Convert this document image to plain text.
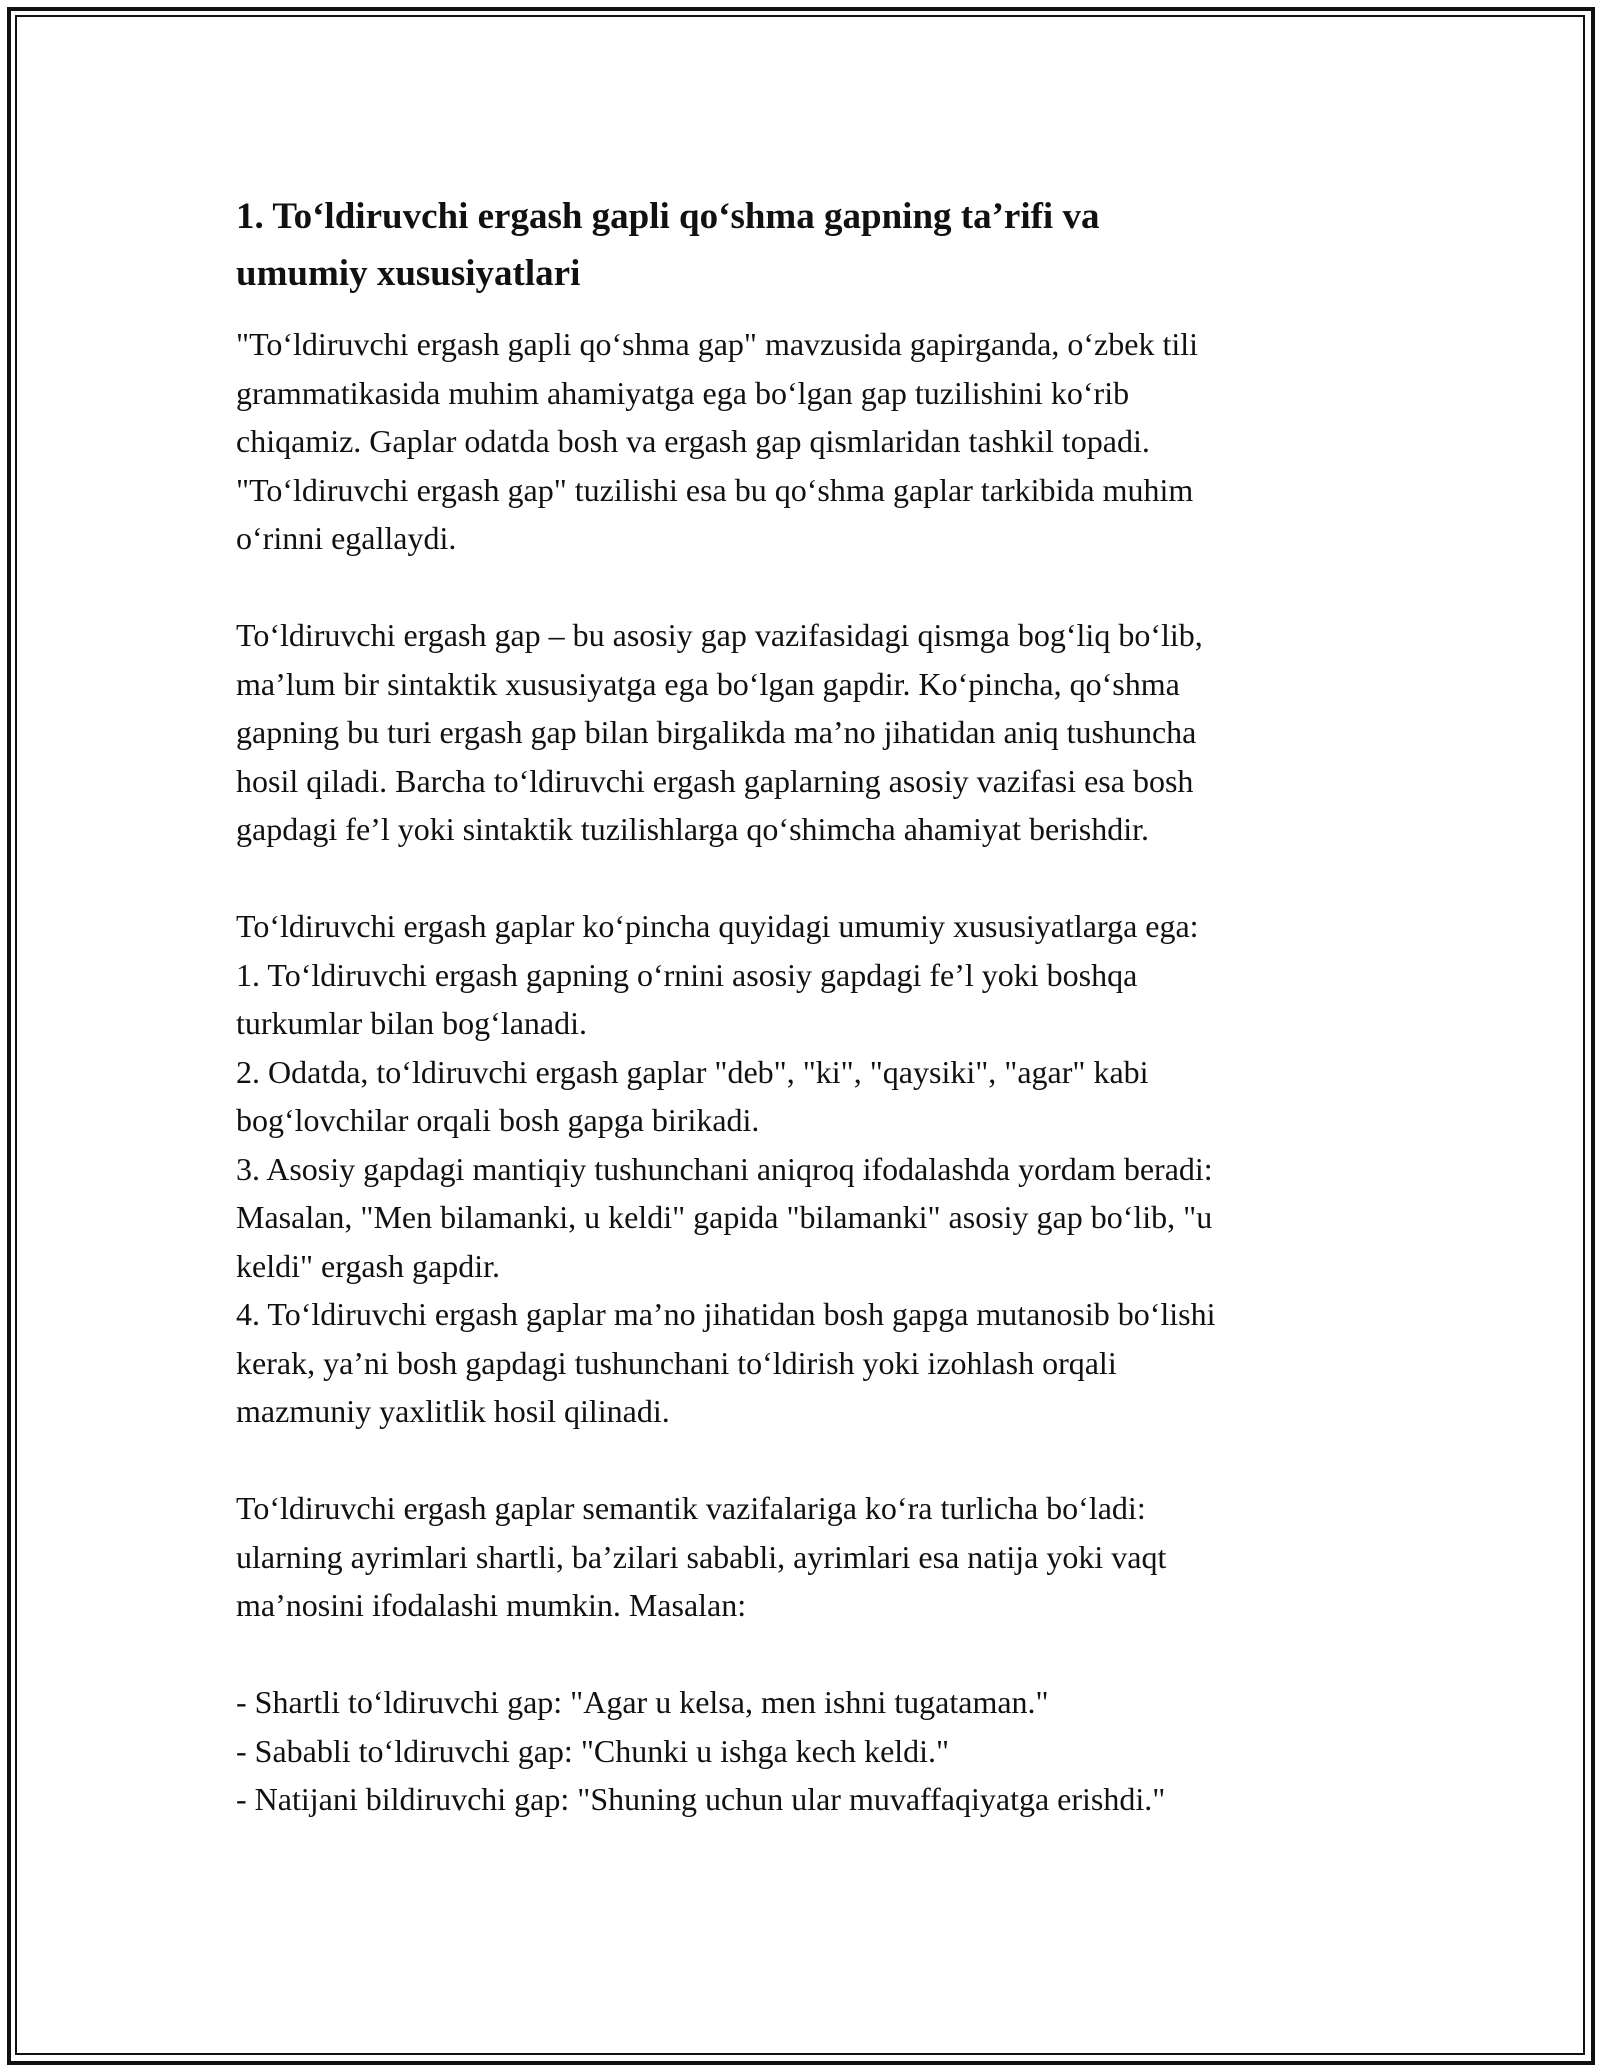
1. To‘ldiruvchi ergash gapli qo‘shma gapning ta’rifi va
umumiy xususiyatlari

"To‘ldiruvchi ergash gapli qo‘shma gap" mavzusida gapirganda, o‘zbek tili
grammatikasida muhim ahamiyatga ega bo‘lgan gap tuzilishini ko‘rib
chiqamiz. Gaplar odatda bosh va ergash gap qismlaridan tashkil topadi.
"To‘ldiruvchi ergash gap" tuzilishi esa bu qo‘shma gaplar tarkibida muhim
o‘rinni egallaydi.

To‘ldiruvchi ergash gap – bu asosiy gap vazifasidagi qismga bog‘liq bo‘lib,
ma’lum bir sintaktik xususiyatga ega bo‘lgan gapdir. Ko‘pincha, qo‘shma
gapning bu turi ergash gap bilan birgalikda ma’no jihatidan aniq tushuncha
hosil qiladi. Barcha to‘ldiruvchi ergash gaplarning asosiy vazifasi esa bosh
gapdagi fe’l yoki sintaktik tuzilishlarga qo‘shimcha ahamiyat berishdir.

To‘ldiruvchi ergash gaplar ko‘pincha quyidagi umumiy xususiyatlarga ega:
1. To‘ldiruvchi ergash gapning o‘rnini asosiy gapdagi fe’l yoki boshqa
turkumlar bilan bog‘lanadi.
2. Odatda, to‘ldiruvchi ergash gaplar "deb", "ki", "qaysiki", "agar" kabi
bog‘lovchilar orqali bosh gapga birikadi.
3. Asosiy gapdagi mantiqiy tushunchani aniqroq ifodalashda yordam beradi:
Masalan, "Men bilamanki, u keldi" gapida "bilamanki" asosiy gap bo‘lib, "u
keldi" ergash gapdir.
4. To‘ldiruvchi ergash gaplar ma’no jihatidan bosh gapga mutanosib bo‘lishi
kerak, ya’ni bosh gapdagi tushunchani to‘ldirish yoki izohlash orqali
mazmuniy yaxlitlik hosil qilinadi.

To‘ldiruvchi ergash gaplar semantik vazifalariga ko‘ra turlicha bo‘ladi:
ularning ayrimlari shartli, ba’zilari sababli, ayrimlari esa natija yoki vaqt
ma’nosini ifodalashi mumkin. Masalan:

- Shartli to‘ldiruvchi gap: "Agar u kelsa, men ishni tugataman."
- Sababli to‘ldiruvchi gap: "Chunki u ishga kech keldi."
- Natijani bildiruvchi gap: "Shuning uchun ular muvaffaqiyatga erishdi."
